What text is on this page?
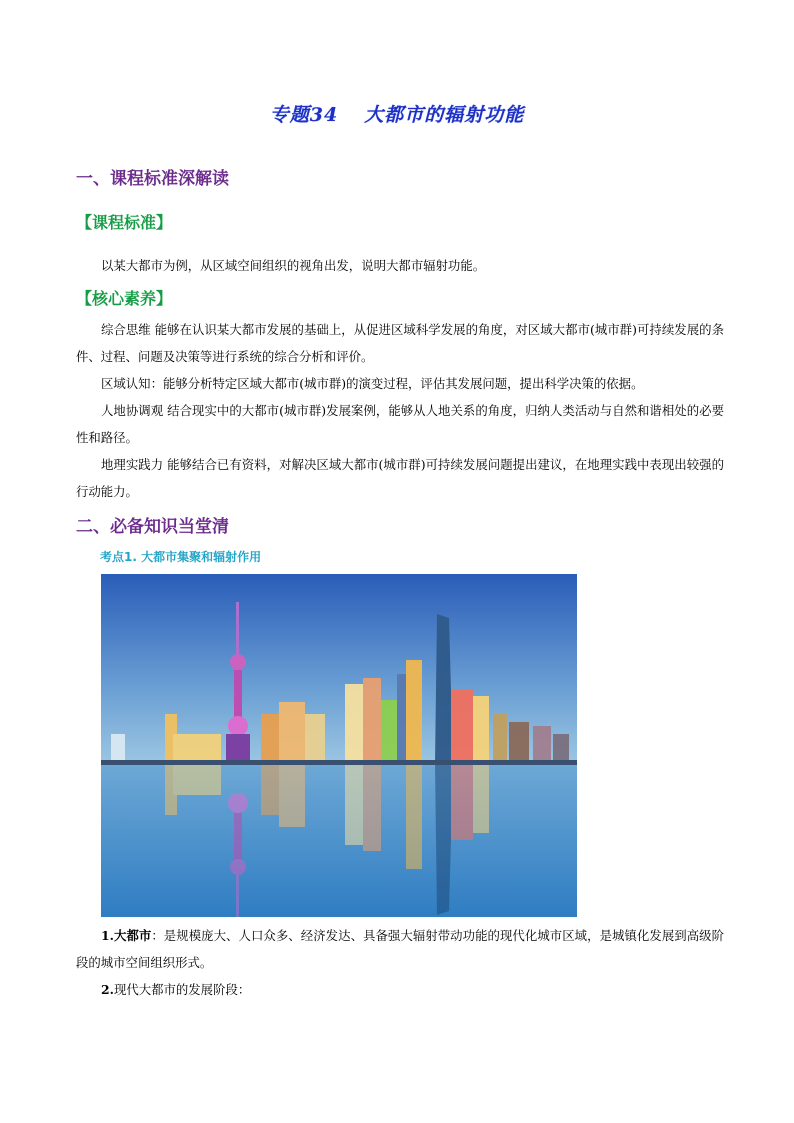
专题34 大都市的辐射功能
一、课程标准深解读
【课程标准】
以某大都市为例，从区域空间组织的视角出发，说明大都市辐射功能。
【核心素养】
综合思维 能够在认识某大都市发展的基础上，从促进区域科学发展的角度，对区域大都市(城市群)可持续发展的条件、过程、问题及决策等进行系统的综合分析和评价。
区域认知：能够分析特定区域大都市(城市群)的演变过程，评估其发展问题，提出科学决策的依据。
人地协调观 结合现实中的大都市(城市群)发展案例，能够从人地关系的角度，归纳人类活动与自然和谐相处的必要性和路径。
地理实践力 能够结合已有资料，对解决区域大都市(城市群)可持续发展问题提出建议，在地理实践中表现出较强的行动能力。
二、必备知识当堂清
考点1. 大都市集聚和辐射作用
1.大都市：是规模庞大、人口众多、经济发达、具备强大辐射带动功能的现代化城市区域，是城镇化发展到高级阶段的城市空间组织形式。
2.现代大都市的发展阶段：
